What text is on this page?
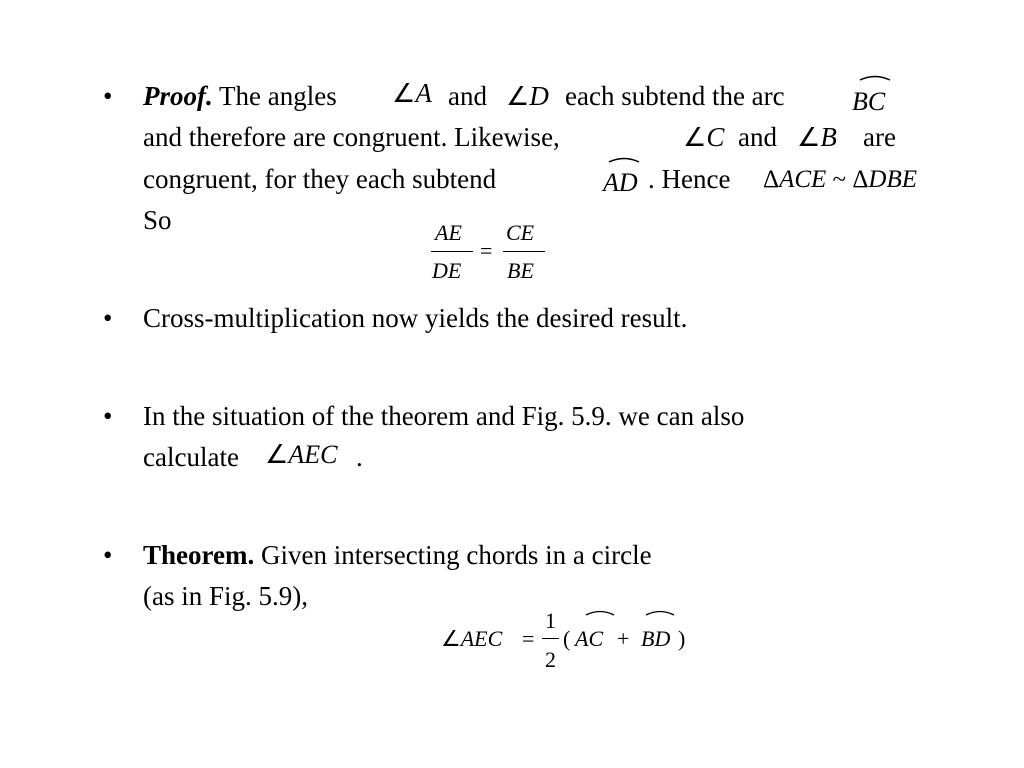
• Proof. The angles ∠A and ∠D each subtend the arc	BC
and therefore are congruent. Likewise,	∠C and ∠B are
congruent, for they each subtend	AD . Hence ΔACE ~ ΔDBE
So	AE
DE
=
CE
BE
• Cross-multiplication now yields the desired result.
• In the situation of the theorem and Fig. 5.9. we can also
calculate ∠AEC .
• Theorem. Given intersecting chords in a circle
(as in Fig. 5.9),
∠AEC =
1
2
( AC + BD )
